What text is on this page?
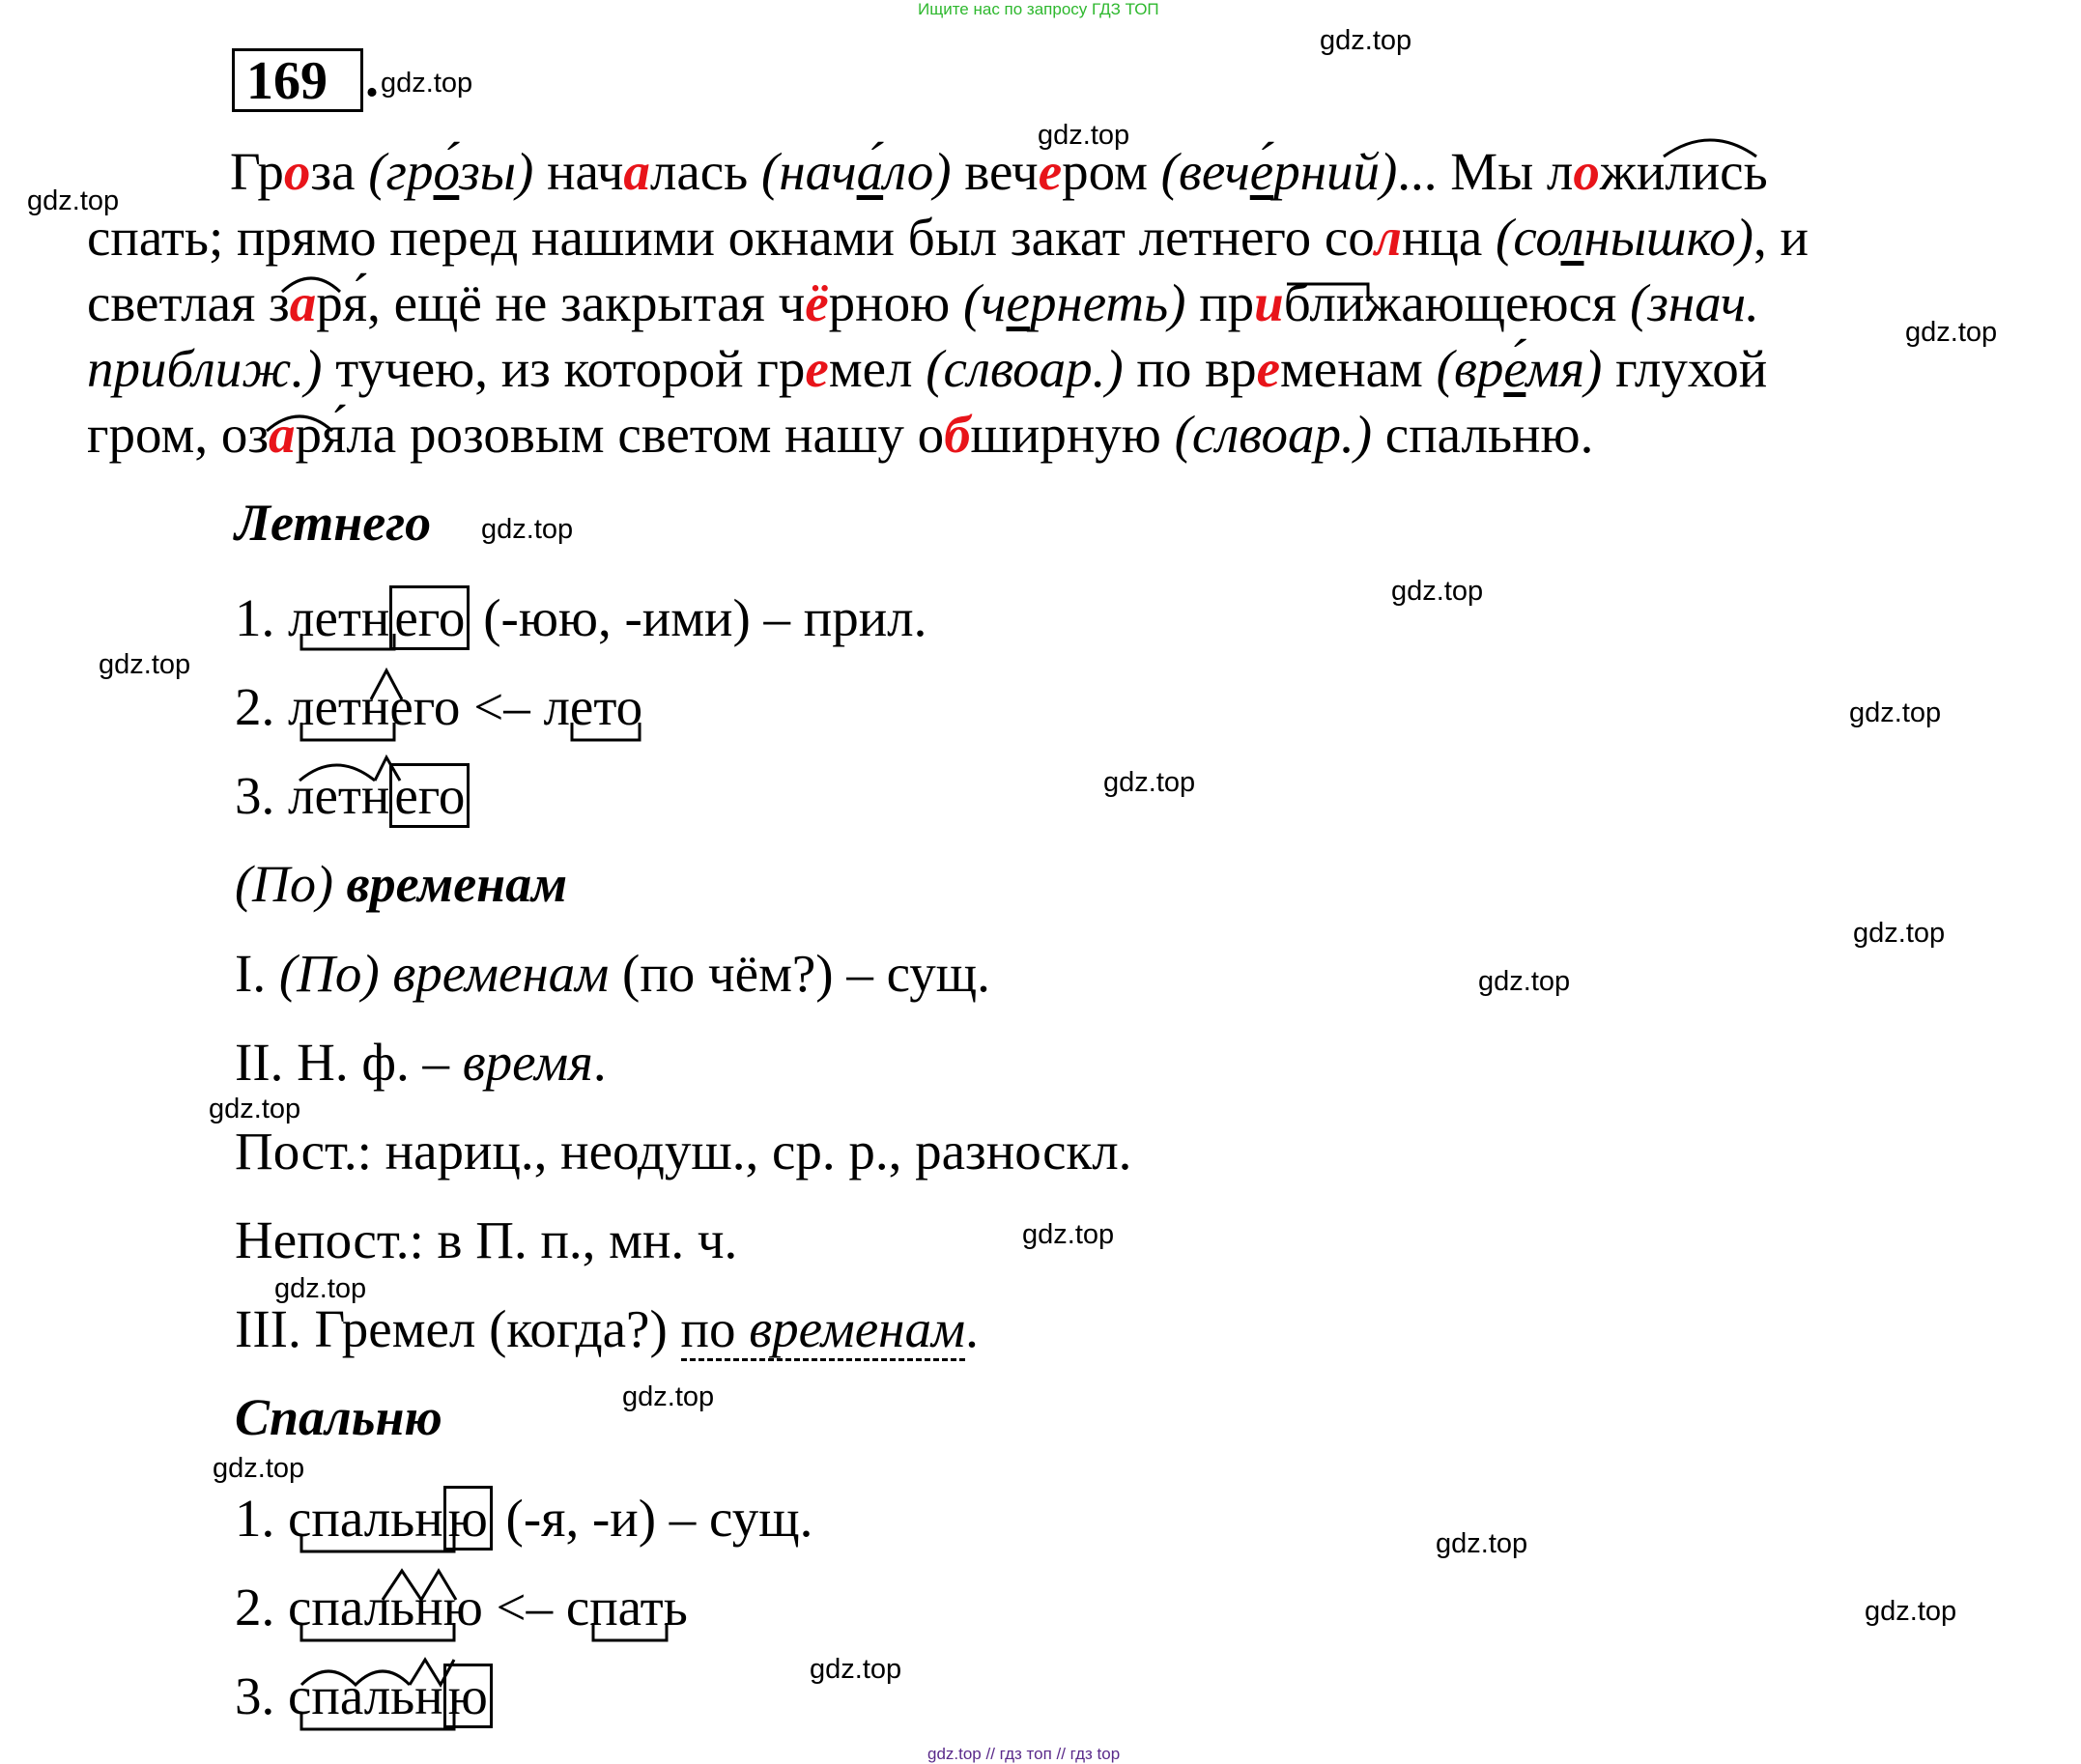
Ищите нас по запросу ГДЗ ТОП
169 .
Гроза (гро́зы) началась (нача́ло) вечером (вече́рний)... Мы ложились
спать; прямо перед нашими окнами был закат летнего солнца (солнышко), и
светлая заря́, ещё не закрытая чёрною (чернеть) приближающеюся (знач.
приближ.) тучею, из которой гремел (слвоар.) по временам (вре́мя) глухой
гром, озаря́ла розовым светом нашу обширную (слвоар.) спальню.
Летнего
1. летнего (-юю, -ими) – прил.
2. летнего <– лето
3. летнего
(По) временам
I. (По) временам (по чём?) – сущ.
II. Н. ф. – время.
Пост.: нариц., неодуш., ср. р., разноскл.
Непост.: в П. п., мн. ч.
III. Гремел (когда?) по временам.
Спальню
1. спальню (-я, -и) – сущ.
2. спальню <– спать
3. спальню
gdz.top
gdz.top
gdz.top
gdz.top
gdz.top
gdz.top
gdz.top
gdz.top
gdz.top
gdz.top
gdz.top
gdz.top
gdz.top
gdz.top
gdz.top
gdz.top
gdz.top
gdz.top
gdz.top
gdz.top
gdz.top // гдз топ // гдз top
